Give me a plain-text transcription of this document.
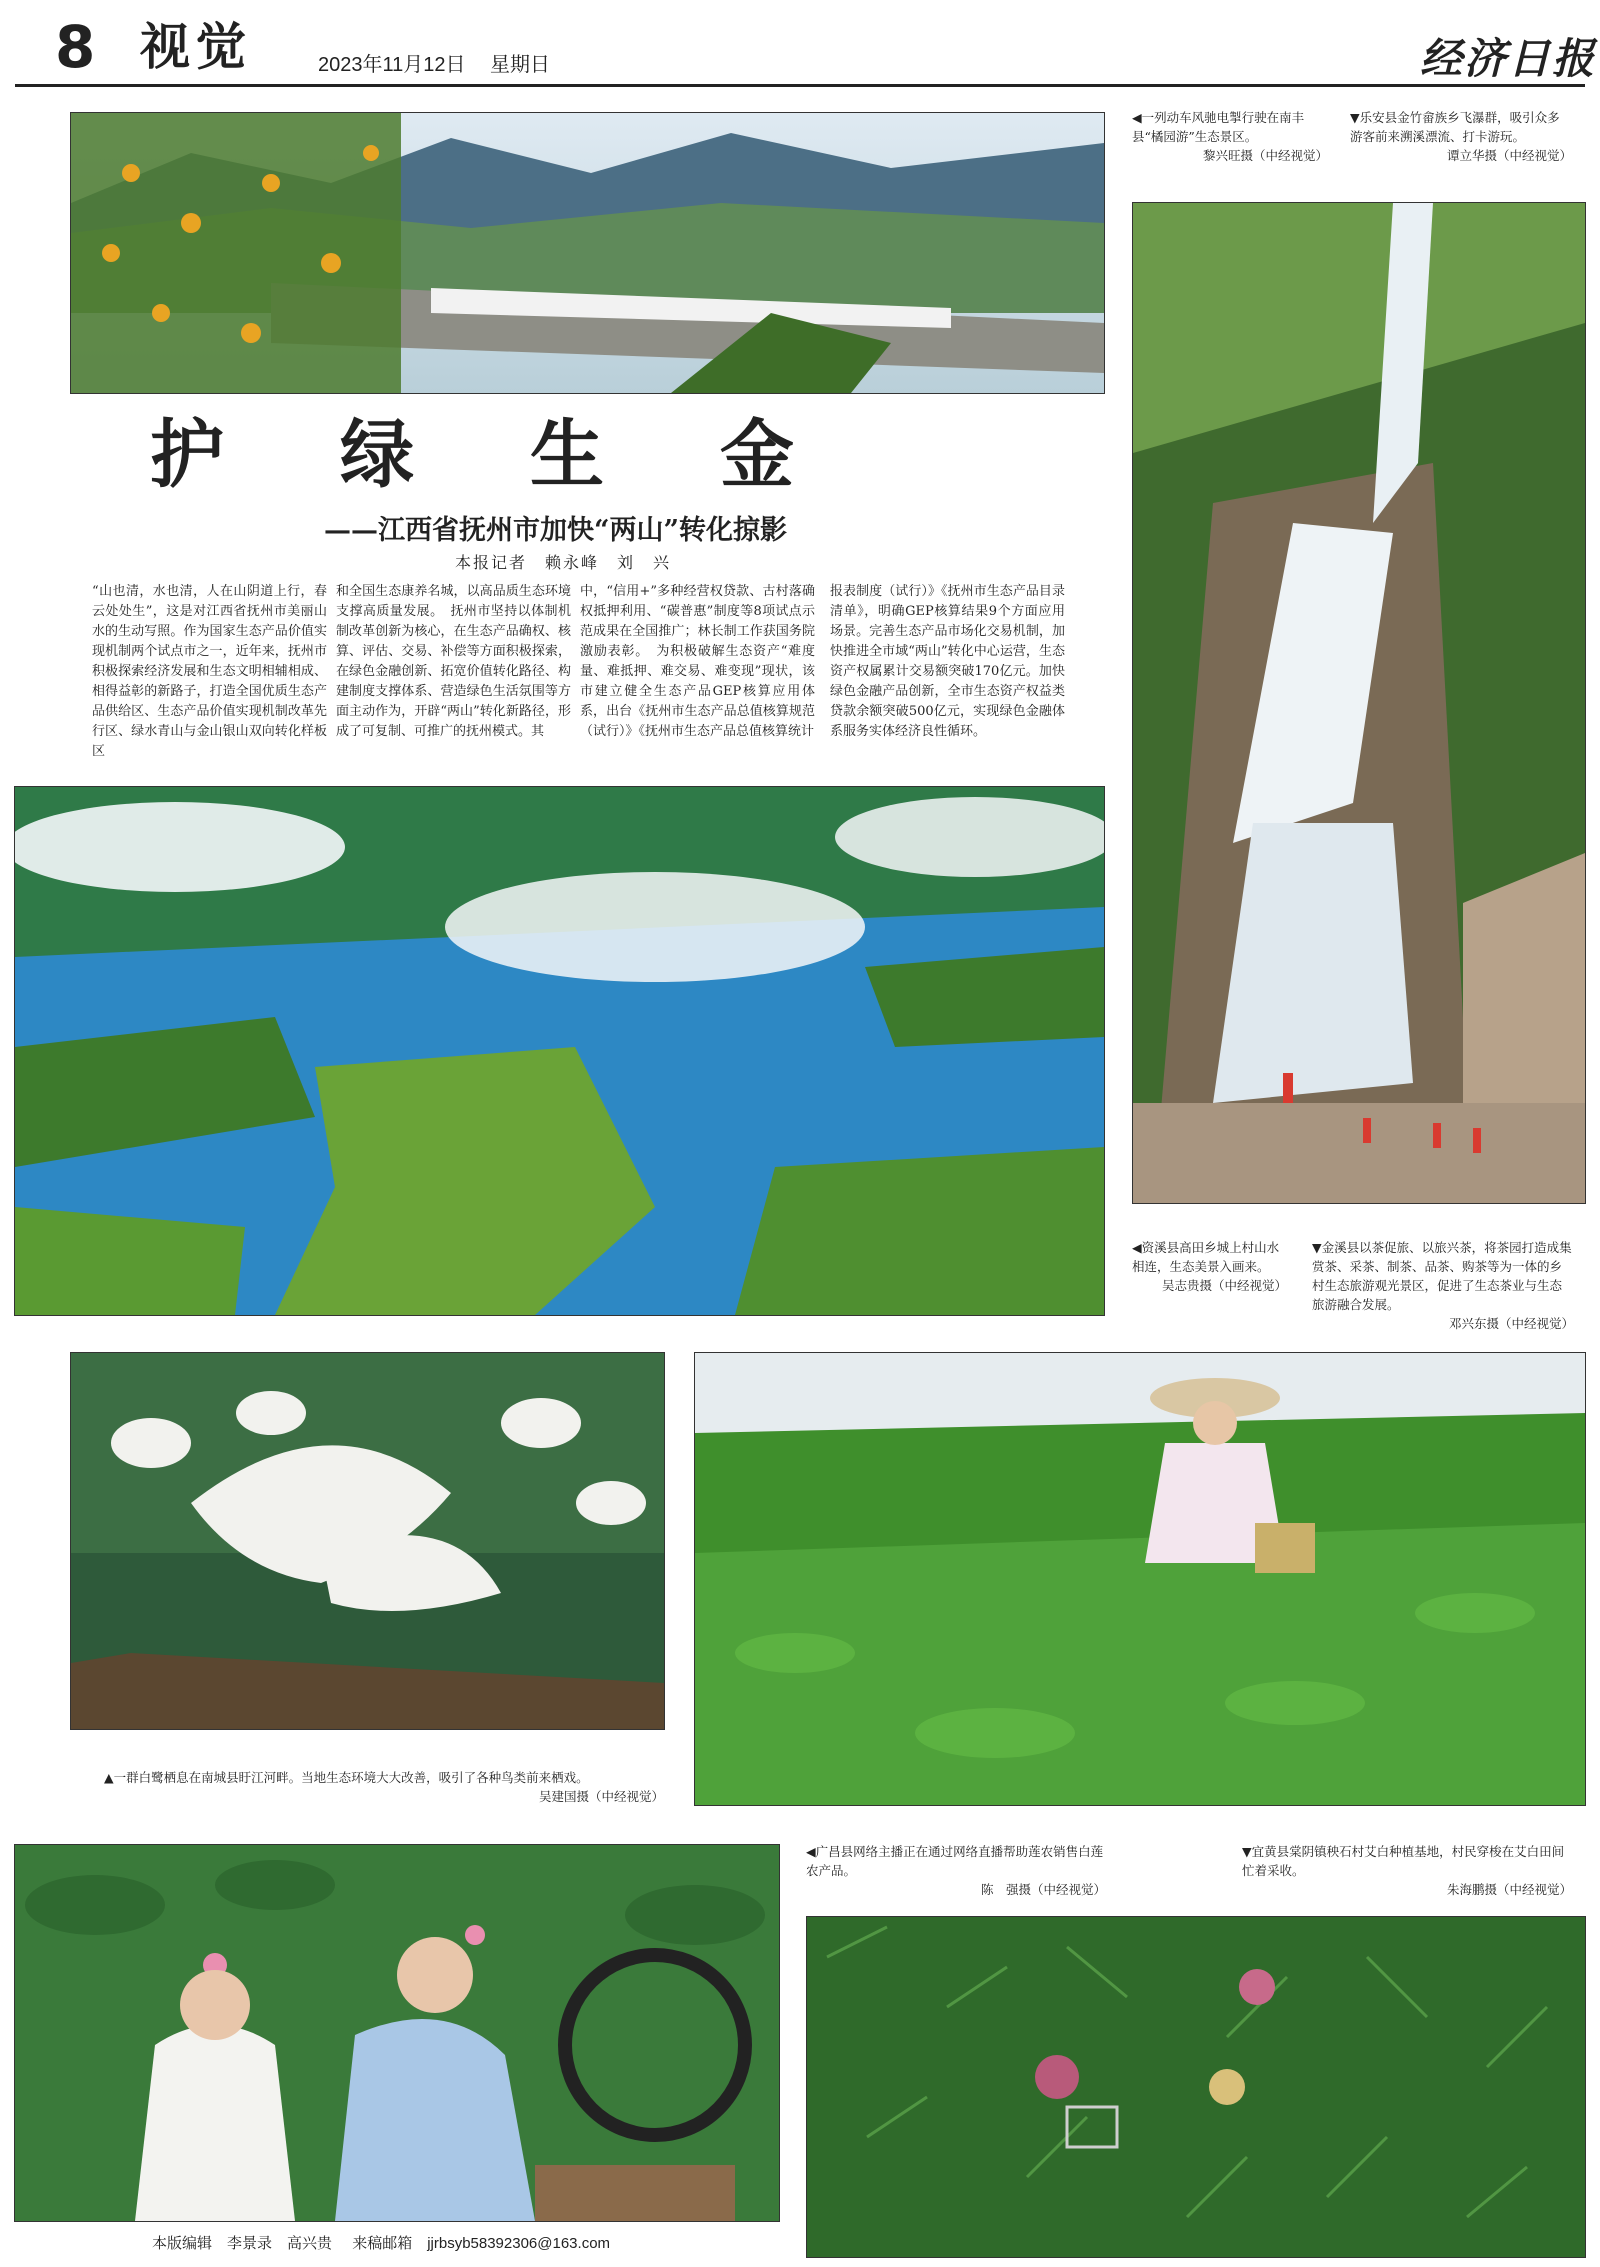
8 视觉	2023年11月12日 星期日	经济日报
◀一列动车风驰电掣行驶在南丰县“橘园游”生态景区。
黎兴旺摄（中经视觉）
▼乐安县金竹畲族乡飞瀑群，吸引众多游客前来溯溪漂流、打卡游玩。
谭立华摄（中经视觉）
护绿生金
——江西省抚州市加快“两山”转化掠影
本报记者　赖永峰　刘　兴
“山也清，水也清，人在山阴道上行，春云处处生”，这是对江西省抚州市美丽山水的生动写照。作为国家生态产品价值实现机制两个试点市之一，近年来，抚州市积极探索经济发展和生态文明相辅相成、相得益彰的新路子，打造全国优质生态产品供给区、生态产品价值实现机制改革先行区、绿水青山与金山银山双向转化样板区
和全国生态康养名城，以高品质生态环境支撑高质量发展。　抚州市坚持以体制机制改革创新为核心，在生态产品确权、核算、评估、交易、补偿等方面积极探索，在绿色金融创新、拓宽价值转化路径、构建制度支撑体系、营造绿色生活氛围等方面主动作为，开辟“两山”转化新路径，形成了可复制、可推广的抚州模式。其
中，“信用+”多种经营权贷款、古村落确权抵押利用、“碳普惠”制度等8项试点示范成果在全国推广；林长制工作获国务院激励表彰。　为积极破解生态资产“难度量、难抵押、难交易、难变现”现状，该市建立健全生态产品GEP核算应用体系，出台《抚州市生态产品总值核算规范（试行）》《抚州市生态产品总值核算统计
报表制度（试行）》《抚州市生态产品目录清单》，明确GEP核算结果9个方面应用场景。完善生态产品市场化交易机制，加快推进全市域“两山”转化中心运营，生态资产权属累计交易额突破170亿元。加快绿色金融产品创新，全市生态资产权益类贷款余额突破500亿元，实现绿色金融体系服务实体经济良性循环。
◀资溪县高田乡城上村山水相连，生态美景入画来。
吴志贵摄（中经视觉）
▼金溪县以茶促旅、以旅兴茶，将茶园打造成集赏茶、采茶、制茶、品茶、购茶等为一体的乡村生态旅游观光景区，促进了生态茶业与生态旅游融合发展。
邓兴东摄（中经视觉）
▲一群白鹭栖息在南城县盱江河畔。当地生态环境大大改善，吸引了各种鸟类前来栖戏。
吴建国摄（中经视觉）
◀广昌县网络主播正在通过网络直播帮助莲农销售白莲农产品。
陈　强摄（中经视觉）
▼宜黄县棠阴镇秧石村艾白种植基地，村民穿梭在艾白田间忙着采收。
朱海鹏摄（中经视觉）
本版编辑　李景录　高兴贵 来稿邮箱　jjrbsyb58392306@163.com
